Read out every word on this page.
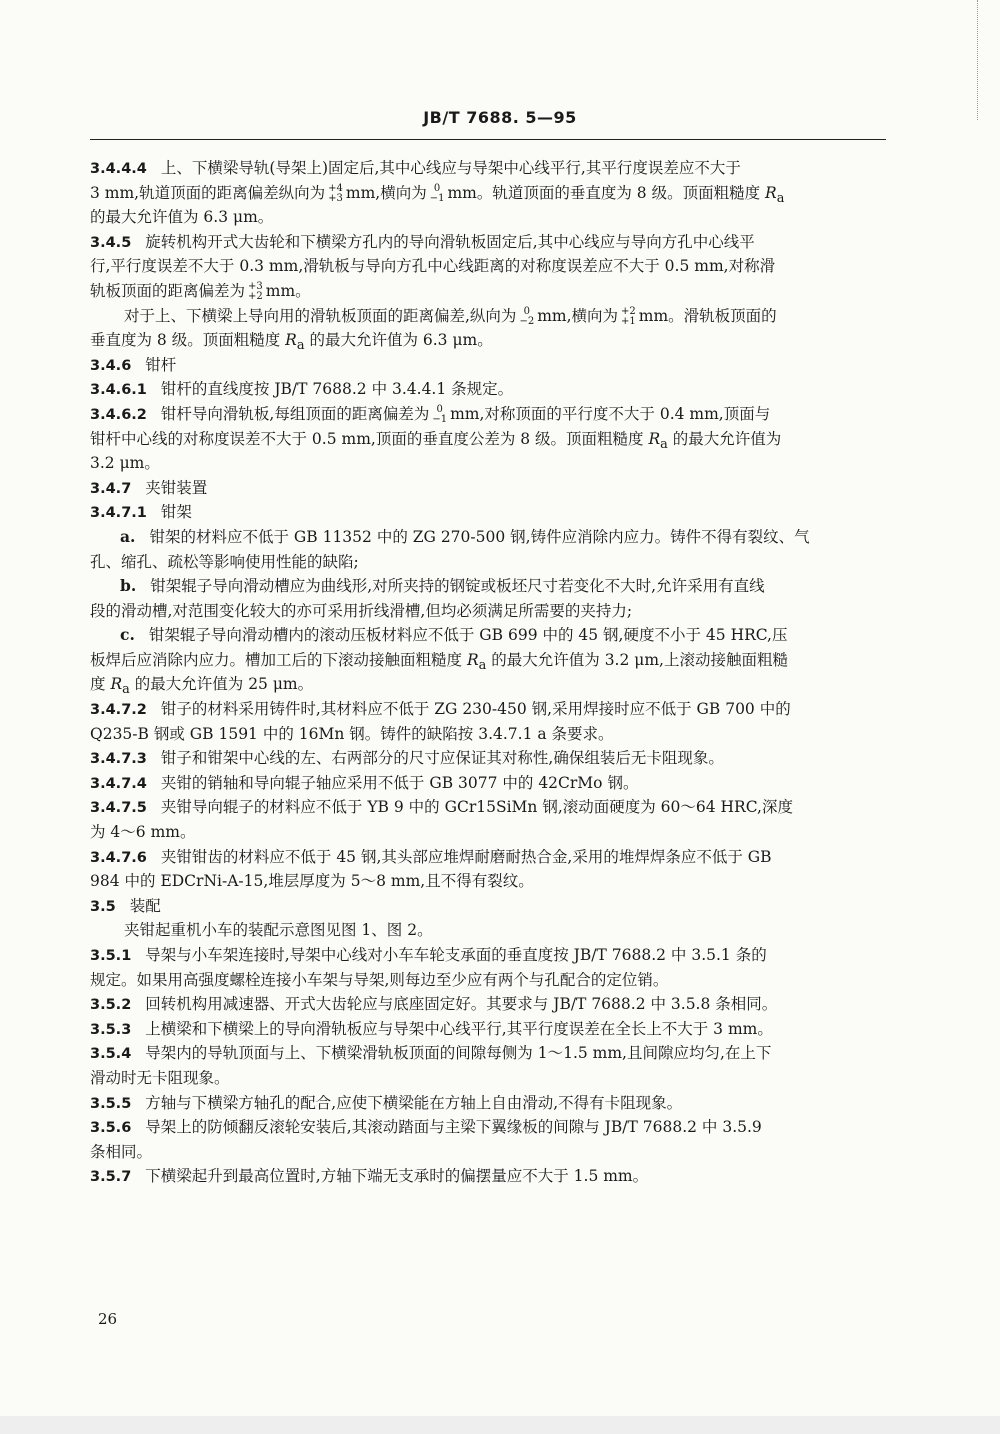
JB/T 7688. 5—95
3.4.4.4 上、下横梁导轨(导架上)固定后,其中心线应与导架中心线平行,其平行度误差应不大于
3 mm,轨道顶面的距离偏差纵向为 +4
+3 mm,横向为 0
−1 mm。轨道顶面的垂直度为 8 级。顶面粗糙度 $R_a$
的最大允许值为 6.3 μm。
3.4.5 旋转机构开式大齿轮和下横梁方孔内的导向滑轨板固定后,其中心线应与导向方孔中心线平
行,平行度误差不大于 0.3 mm,滑轨板与导向方孔中心线距离的对称度误差应不大于 0.5 mm,对称滑
轨板顶面的距离偏差为 +3
+2 mm。
对于上、下横梁上导向用的滑轨板顶面的距离偏差,纵向为 0
−2 mm,横向为 +2
+1 mm。滑轨板顶面的
垂直度为 8 级。顶面粗糙度 $R_a$ 的最大允许值为 6.3 μm。
3.4.6 钳杆
3.4.6.1 钳杆的直线度按 JB/T 7688.2 中 3.4.4.1 条规定。
3.4.6.2 钳杆导向滑轨板,每组顶面的距离偏差为 0
−1 mm,对称顶面的平行度不大于 0.4 mm,顶面与
钳杆中心线的对称度误差不大于 0.5 mm,顶面的垂直度公差为 8 级。顶面粗糙度 $R_a$ 的最大允许值为
3.2 μm。
3.4.7 夹钳装置
3.4.7.1 钳架
a. 钳架的材料应不低于 GB 11352 中的 ZG 270-500 钢,铸件应消除内应力。铸件不得有裂纹、气
孔、缩孔、疏松等影响使用性能的缺陷;
b. 钳架辊子导向滑动槽应为曲线形,对所夹持的钢锭或板坯尺寸若变化不大时,允许采用有直线
段的滑动槽,对范围变化较大的亦可采用折线滑槽,但均必须满足所需要的夹持力;
c. 钳架辊子导向滑动槽内的滚动压板材料应不低于 GB 699 中的 45 钢,硬度不小于 45 HRC,压
板焊后应消除内应力。槽加工后的下滚动接触面粗糙度 $R_a$ 的最大允许值为 3.2 μm,上滚动接触面粗糙
度 $R_a$ 的最大允许值为 25 μm。
3.4.7.2 钳子的材料采用铸件时,其材料应不低于 ZG 230-450 钢,采用焊接时应不低于 GB 700 中的
Q235-B 钢或 GB 1591 中的 16Mn 钢。铸件的缺陷按 3.4.7.1 a 条要求。
3.4.7.3 钳子和钳架中心线的左、右两部分的尺寸应保证其对称性,确保组装后无卡阻现象。
3.4.7.4 夹钳的销轴和导向辊子轴应采用不低于 GB 3077 中的 42CrMo 钢。
3.4.7.5 夹钳导向辊子的材料应不低于 YB 9 中的 GCr15SiMn 钢,滚动面硬度为 60～64 HRC,深度
为 4～6 mm。
3.4.7.6 夹钳钳齿的材料应不低于 45 钢,其头部应堆焊耐磨耐热合金,采用的堆焊焊条应不低于 GB
984 中的 EDCrNi-A-15,堆层厚度为 5～8 mm,且不得有裂纹。
3.5 装配
夹钳起重机小车的装配示意图见图 1、图 2。
3.5.1 导架与小车架连接时,导架中心线对小车车轮支承面的垂直度按 JB/T 7688.2 中 3.5.1 条的
规定。如果用高强度螺栓连接小车架与导架,则每边至少应有两个与孔配合的定位销。
3.5.2 回转机构用减速器、开式大齿轮应与底座固定好。其要求与 JB/T 7688.2 中 3.5.8 条相同。
3.5.3 上横梁和下横梁上的导向滑轨板应与导架中心线平行,其平行度误差在全长上不大于 3 mm。
3.5.4 导架内的导轨顶面与上、下横梁滑轨板顶面的间隙每侧为 1～1.5 mm,且间隙应均匀,在上下
滑动时无卡阻现象。
3.5.5 方轴与下横梁方轴孔的配合,应使下横梁能在方轴上自由滑动,不得有卡阻现象。
3.5.6 导架上的防倾翻反滚轮安装后,其滚动踏面与主梁下翼缘板的间隙与 JB/T 7688.2 中 3.5.9
条相同。
3.5.7 下横梁起升到最高位置时,方轴下端无支承时的偏摆量应不大于 1.5 mm。
26
